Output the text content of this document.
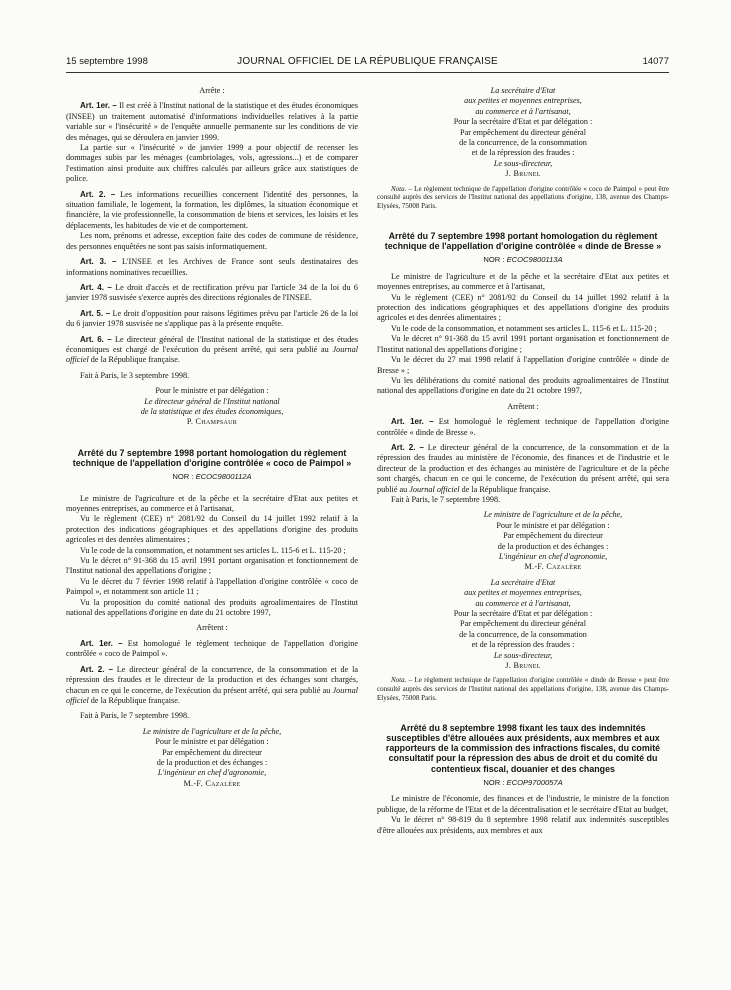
15 septembre 1998	JOURNAL OFFICIEL DE LA RÉPUBLIQUE FRANÇAISE	14077

Arrête :

Art. 1er. – Il est créé à l'Institut national de la statistique et des études économiques (INSEE) un traitement automatisé d'informations individuelles relatives à la partie variable sur « l'insécurité » de l'enquête annuelle permanente sur les conditions de vie des ménages, qui se déroulera en janvier 1999.

La partie sur « l'insécurité » de janvier 1999 a pour objectif de recenser les dommages subis par les ménages (cambriolages, vols, agressions...) et de comparer l'estimation ainsi produite aux chiffres calculés par ailleurs grâce aux statistiques de police.

Art. 2. – Les informations recueillies concernent l'identité des personnes, la situation familiale, le logement, la formation, les diplômes, la situation économique et financière, la vie professionnelle, la consommation de biens et services, les loisirs et les déplacements, les habitudes de vie et de comportement.

Les nom, prénoms et adresse, exception faite des codes de commune de résidence, des personnes enquêtées ne sont pas saisis informatiquement.

Art. 3. – L'INSEE et les Archives de France sont seuls destinataires des informations nominatives recueillies.

Art. 4. – Le droit d'accès et de rectification prévu par l'article 34 de la loi du 6 janvier 1978 susvisée s'exerce auprès des directions régionales de l'INSEE.

Art. 5. – Le droit d'opposition pour raisons légitimes prévu par l'article 26 de la loi du 6 janvier 1978 susvisée ne s'applique pas à la présente enquête.

Art. 6. – Le directeur général de l'Institut national de la statistique et des études économiques est chargé de l'exécution du présent arrêté, qui sera publié au Journal officiel de la République française.

Fait à Paris, le 3 septembre 1998.

Pour le ministre et par délégation :
Le directeur général de l'Institut national
de la statistique et des études économiques,
P. Champsaur

Arrêté du 7 septembre 1998 portant homologation du règlement technique de l'appellation d'origine contrôlée « coco de Paimpol »

NOR : ECOC9800112A

Le ministre de l'agriculture et de la pêche et la secrétaire d'Etat aux petites et moyennes entreprises, au commerce et à l'artisanat,

Vu le règlement (CEE) n° 2081/92 du Conseil du 14 juillet 1992 relatif à la protection des indications géographiques et des appellations d'origine des produits agricoles et des denrées alimentaires ;

Vu le code de la consommation, et notamment ses articles L. 115-6 et L. 115-20 ;

Vu le décret n° 91-368 du 15 avril 1991 portant organisation et fonctionnement de l'Institut national des appellations d'origine ;

Vu le décret du 7 février 1998 relatif à l'appellation d'origine contrôlée « coco de Paimpol », et notamment son article 11 ;

Vu la proposition du comité national des produits agroalimentaires de l'Institut national des appellations d'origine en date du 21 octobre 1997,

Arrêtent :

Art. 1er. – Est homologué le règlement technique de l'appellation d'origine contrôlée « coco de Paimpol ».

Art. 2. – Le directeur général de la concurrence, de la consommation et de la répression des fraudes et le directeur de la production et des échanges sont chargés, chacun en ce qui le concerne, de l'exécution du présent arrêté, qui sera publié au Journal officiel de la République française.

Fait à Paris, le 7 septembre 1998.

Le ministre de l'agriculture et de la pêche,
Pour le ministre et par délégation :
Par empêchement du directeur
de la production et des échanges :
L'ingénieur en chef d'agronomie,
M.-F. Cazalère
La secrétaire d'Etat
aux petites et moyennes entreprises,
au commerce et à l'artisanat,
Pour la secrétaire d'Etat et par délégation :
Par empêchement du directeur général
de la concurrence, de la consommation
et de la répression des fraudes :
Le sous-directeur,
J. Brunel

Nota. – Le règlement technique de l'appellation d'origine contrôlée « coco de Paimpol » peut être consulté auprès des services de l'Institut national des appellations d'origine, 138, avenue des Champs-Elysées, 75008 Paris.

Arrêté du 7 septembre 1998 portant homologation du règlement technique de l'appellation d'origine contrôlée « dinde de Bresse »

NOR : ECOC9800113A

Le ministre de l'agriculture et de la pêche et la secrétaire d'Etat aux petites et moyennes entreprises, au commerce et à l'artisanat,

Vu le règlement (CEE) n° 2081/92 du Conseil du 14 juillet 1992 relatif à la protection des indications géographiques et des appellations d'origine des produits agricoles et des denrées alimentaires ;

Vu le code de la consommation, et notamment ses articles L. 115-6 et L. 115-20 ;

Vu le décret n° 91-368 du 15 avril 1991 portant organisation et fonctionnement de l'Institut national des appellations d'origine ;

Vu le décret du 27 mai 1998 relatif à l'appellation d'origine contrôlée « dinde de Bresse » ;

Vu les délibérations du comité national des produits agroalimentaires de l'Institut national des appellations d'origine en date du 21 octobre 1997,

Arrêtent :

Art. 1er. – Est homologué le règlement technique de l'appellation d'origine contrôlée « dinde de Bresse ».

Art. 2. – Le directeur général de la concurrence, de la consommation et de la répression des fraudes au ministère de l'économie, des finances et de l'industrie et le directeur de la production et des échanges au ministère de l'agriculture et de la pêche sont chargés, chacun en ce qui le concerne, de l'exécution du présent arrêté, qui sera publié au Journal officiel de la République française.

Fait à Paris, le 7 septembre 1998.

Le ministre de l'agriculture et de la pêche,
Pour le ministre et par délégation :
Par empêchement du directeur
de la production et des échanges :
L'ingénieur en chef d'agronomie,
M.-F. Cazalère
La secrétaire d'Etat
aux petites et moyennes entreprises,
au commerce et à l'artisanat,
Pour la secrétaire d'Etat et par délégation :
Par empêchement du directeur général
de la concurrence, de la consommation
et de la répression des fraudes :
Le sous-directeur,
J. Brunel

Nota. – Le règlement technique de l'appellation d'origine contrôlée « dinde de Bresse » peut être consulté auprès des services de l'Institut national des appellations d'origine, 138, avenue des Champs-Elysées, 75008 Paris.

Arrêté du 8 septembre 1998 fixant les taux des indemnités susceptibles d'être allouées aux présidents, aux membres et aux rapporteurs de la commission des infractions fiscales, du comité consultatif pour la répression des abus de droit et du comité du contentieux fiscal, douanier et des changes

NOR : ECOP9700057A

Le ministre de l'économie, des finances et de l'industrie, le ministre de la fonction publique, de la réforme de l'Etat et de la décentralisation et le secrétaire d'Etat au budget,

Vu le décret n° 98-819 du 8 septembre 1998 relatif aux indemnités susceptibles d'être allouées aux présidents, aux membres et aux
